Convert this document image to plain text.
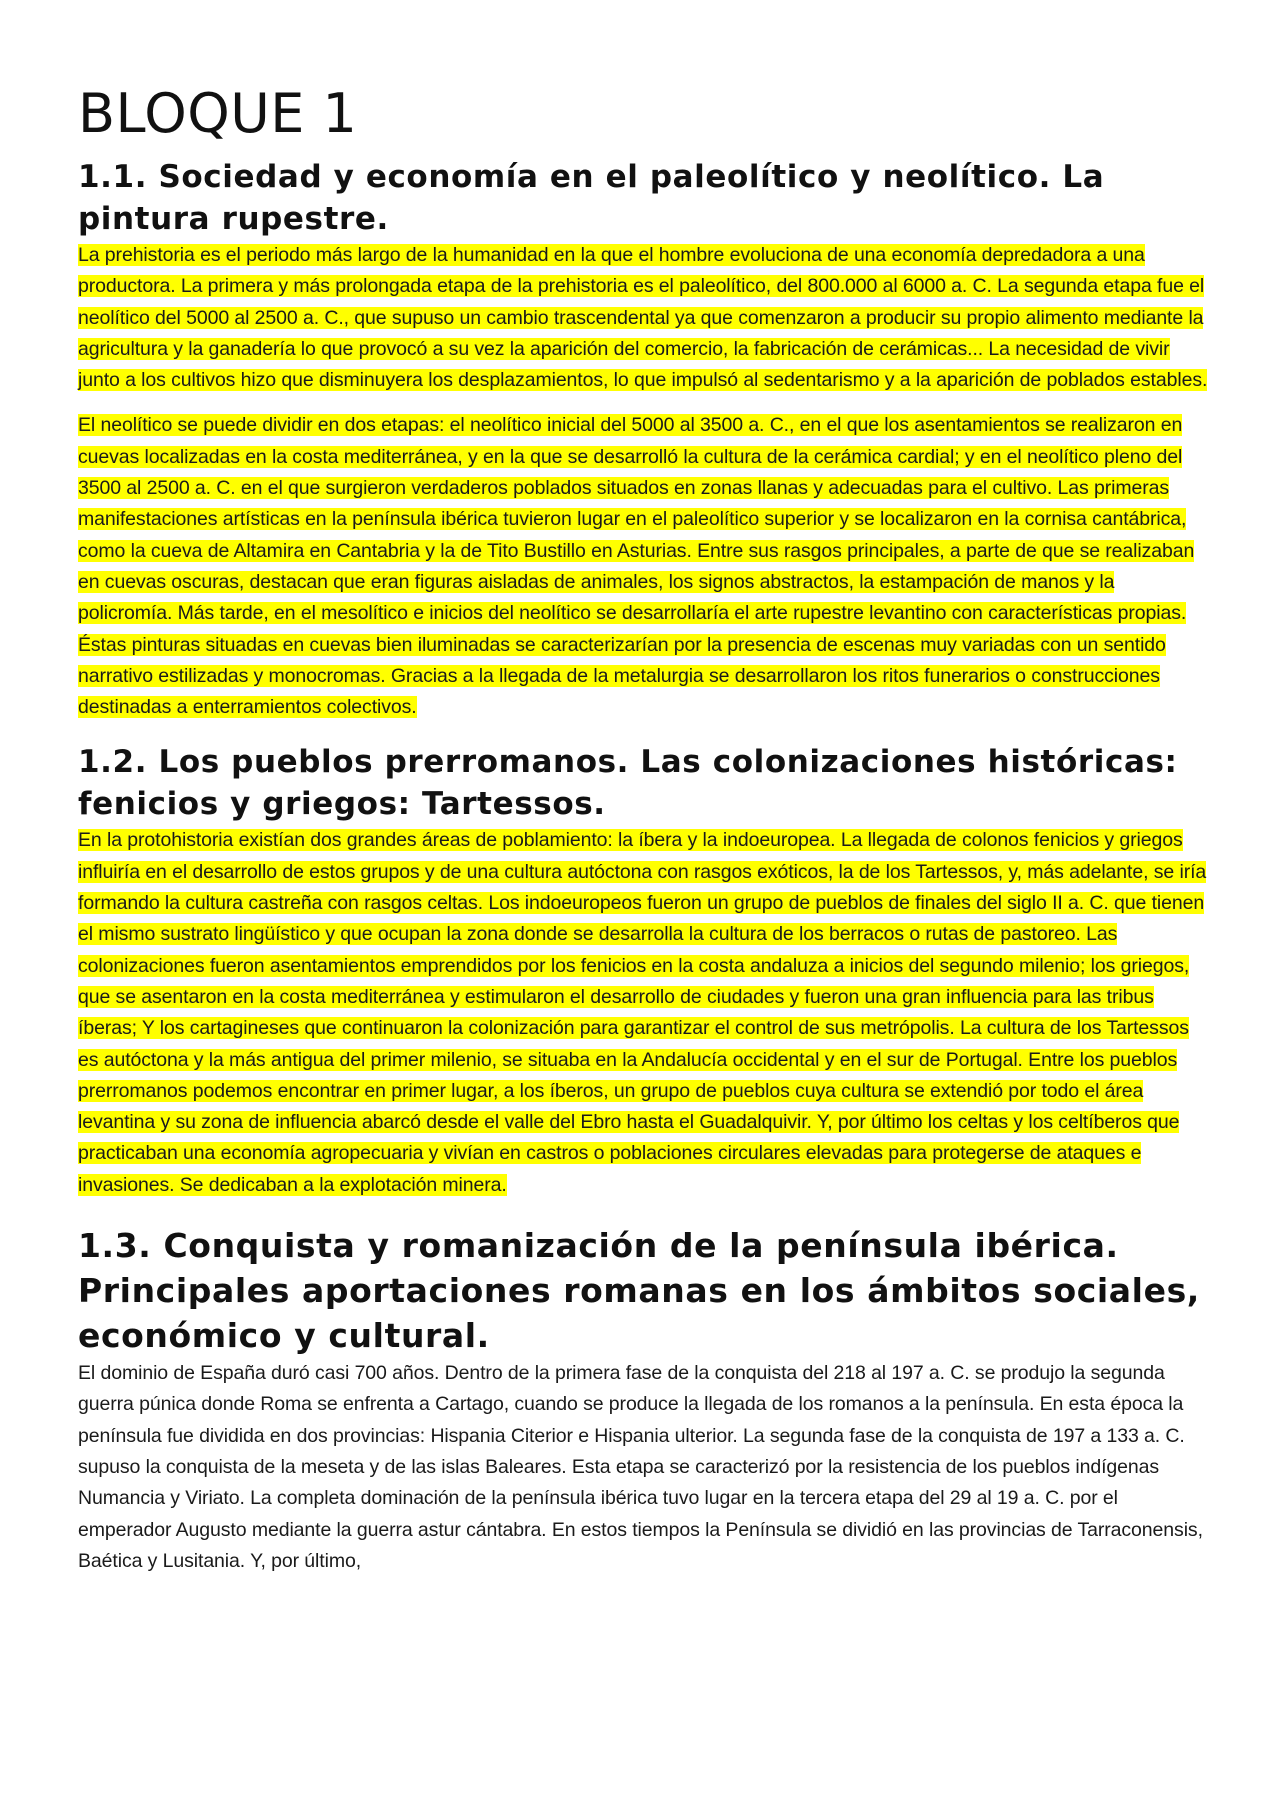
BLOQUE 1
1.1. Sociedad y economía en el paleolítico y neolítico. La pintura rupestre.

La prehistoria es el periodo más largo de la humanidad en la que el hombre evoluciona de una economía depredadora a una productora. La primera y más prolongada etapa de la prehistoria es el paleolítico, del 800.000 al 6000 a. C. La segunda etapa fue el neolítico del 5000 al 2500 a. C., que supuso un cambio trascendental ya que comenzaron a producir su propio alimento mediante la agricultura y la ganadería lo que provocó a su vez la aparición del comercio, la fabricación de cerámicas... La necesidad de vivir junto a los cultivos hizo que disminuyera los desplazamientos, lo que impulsó al sedentarismo y a la aparición de poblados estables.

El neolítico se puede dividir en dos etapas: el neolítico inicial del 5000 al 3500 a. C., en el que los asentamientos se realizaron en cuevas localizadas en la costa mediterránea, y en la que se desarrolló la cultura de la cerámica cardial; y en el neolítico pleno del 3500 al 2500 a. C. en el que surgieron verdaderos poblados situados en zonas llanas y adecuadas para el cultivo. Las primeras manifestaciones artísticas en la península ibérica tuvieron lugar en el paleolítico superior y se localizaron en la cornisa cantábrica, como la cueva de Altamira en Cantabria y la de Tito Bustillo en Asturias. Entre sus rasgos principales, a parte de que se realizaban en cuevas oscuras, destacan que eran figuras aisladas de animales, los signos abstractos, la estampación de manos y la policromía. Más tarde, en el mesolítico e inicios del neolítico se desarrollaría el arte rupestre levantino con características propias. Éstas pinturas situadas en cuevas bien iluminadas se caracterizarían por la presencia de escenas muy variadas con un sentido narrativo estilizadas y monocromas. Gracias a la llegada de la metalurgia se desarrollaron los ritos funerarios o construcciones destinadas a enterramientos colectivos.

1.2. Los pueblos prerromanos. Las colonizaciones históricas: fenicios y griegos: Tartessos.

En la protohistoria existían dos grandes áreas de poblamiento: la íbera y la indoeuropea. La llegada de colonos fenicios y griegos influiría en el desarrollo de estos grupos y de una cultura autóctona con rasgos exóticos, la de los Tartessos, y, más adelante, se iría formando la cultura castreña con rasgos celtas. Los indoeuropeos fueron un grupo de pueblos de finales del siglo II a. C. que tienen el mismo sustrato lingüístico y que ocupan la zona donde se desarrolla la cultura de los berracos o rutas de pastoreo. Las colonizaciones fueron asentamientos emprendidos por los fenicios en la costa andaluza a inicios del segundo milenio; los griegos, que se asentaron en la costa mediterránea y estimularon el desarrollo de ciudades y fueron una gran influencia para las tribus íberas; Y los cartagineses que continuaron la colonización para garantizar el control de sus metrópolis. La cultura de los Tartessos es autóctona y la más antigua del primer milenio, se situaba en la Andalucía occidental y en el sur de Portugal. Entre los pueblos prerromanos podemos encontrar en primer lugar, a los íberos, un grupo de pueblos cuya cultura se extendió por todo el área levantina y su zona de influencia abarcó desde el valle del Ebro hasta el Guadalquivir. Y, por último los celtas y los celtíberos que practicaban una economía agropecuaria y vivían en castros o poblaciones circulares elevadas para protegerse de ataques e invasiones. Se dedicaban a la explotación minera.

1.3. Conquista y romanización de la península ibérica. Principales aportaciones romanas en los ámbitos sociales, económico y cultural.

El dominio de España duró casi 700 años. Dentro de la primera fase de la conquista del 218 al 197 a. C. se produjo la segunda guerra púnica donde Roma se enfrenta a Cartago, cuando se produce la llegada de los romanos a la península. En esta época la península fue dividida en dos provincias: Hispania Citerior e Hispania ulterior. La segunda fase de la conquista de 197 a 133 a. C. supuso la conquista de la meseta y de las islas Baleares. Esta etapa se caracterizó por la resistencia de los pueblos indígenas Numancia y Viriato. La completa dominación de la península ibérica tuvo lugar en la tercera etapa del 29 al 19 a. C. por el emperador Augusto mediante la guerra astur cántabra. En estos tiempos la Península se dividió en las provincias de Tarraconensis, Baética y Lusitania. Y, por último,
